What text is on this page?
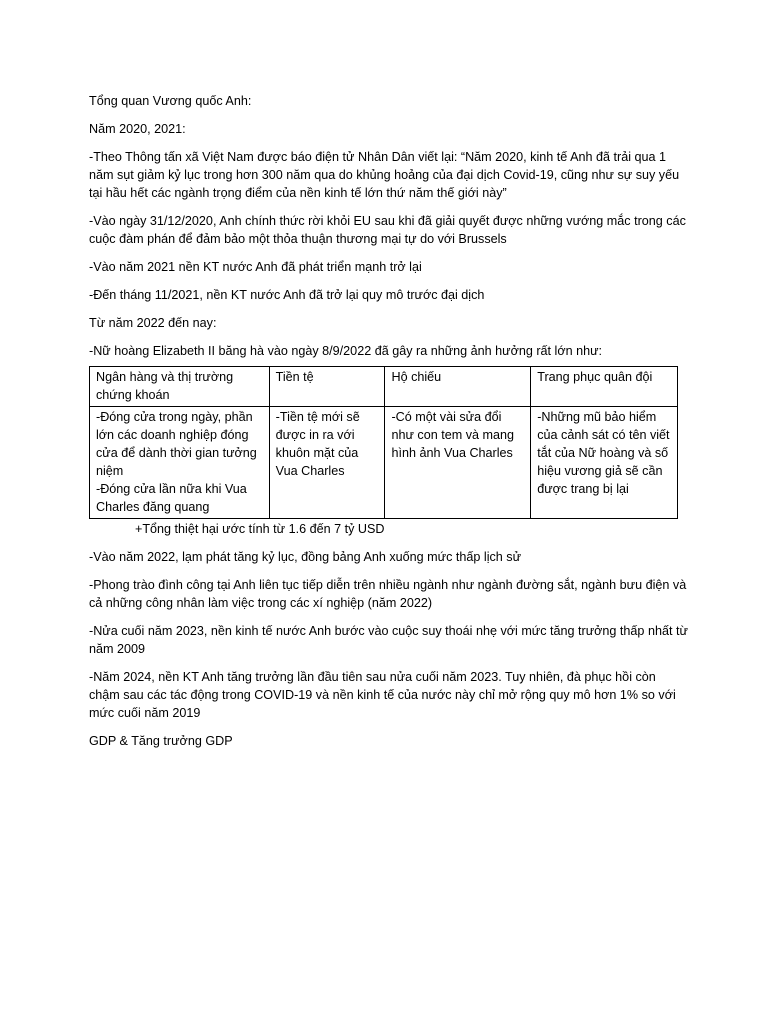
Tổng quan Vương quốc Anh:

Năm 2020, 2021:

-Theo Thông tấn xã Việt Nam được báo điện tử Nhân Dân viết lại: “Năm 2020, kinh tế Anh đã trải qua 1 năm sụt giảm kỷ lục trong hơn 300 năm qua do khủng hoảng của đại dịch Covid-19, cũng như sự suy yếu tại hầu hết các ngành trọng điểm của nền kinh tế lớn thứ năm thế giới này”

-Vào ngày 31/12/2020, Anh chính thức rời khỏi EU sau khi đã giải quyết được những vướng mắc trong các cuộc đàm phán để đảm bảo một thỏa thuận thương mại tự do với Brussels

-Vào năm 2021 nền KT nước Anh đã phát triển mạnh trở lại

-Đến tháng 11/2021, nền KT nước Anh đã trở lại quy mô trước đại dịch

Từ năm 2022 đến nay:

-Nữ hoàng Elizabeth II băng hà vào ngày 8/9/2022 đã gây ra những ảnh hưởng rất lớn như:

Ngân hàng và thị trường chứng khoán	Tiền tệ	Hộ chiếu	Trang phục quân đội

-Đóng cửa trong ngày, phần lớn các doanh nghiệp đóng cửa để dành thời gian tưởng niệm
-Đóng cửa lần nữa khi Vua Charles đăng quang	-Tiền tệ mới sẽ được in ra với khuôn mặt của Vua Charles	-Có một vài sửa đổi như con tem và mang hình ảnh Vua Charles	-Những mũ bảo hiểm của cảnh sát có tên viết tắt của Nữ hoàng và số hiệu vương giả sẽ cần được trang bị lại

+Tổng thiệt hại ước tính từ 1.6 đến 7 tỷ USD

-Vào năm 2022, lạm phát tăng kỷ lục, đồng bảng Anh xuống mức thấp lịch sử

-Phong trào đình công tại Anh liên tục tiếp diễn trên nhiều ngành như ngành đường sắt, ngành bưu điện và cả những công nhân làm việc trong các xí nghiệp (năm 2022)

-Nửa cuối năm 2023, nền kinh tế nước Anh bước vào cuộc suy thoái nhẹ với mức tăng trưởng thấp nhất từ năm 2009

-Năm 2024, nền KT Anh tăng trưởng lần đầu tiên sau nửa cuối năm 2023. Tuy nhiên, đà phục hồi còn chậm sau các tác động trong COVID-19 và nền kinh tế của nước này chỉ mở rộng quy mô hơn 1% so với mức cuối năm 2019

GDP & Tăng trưởng GDP
